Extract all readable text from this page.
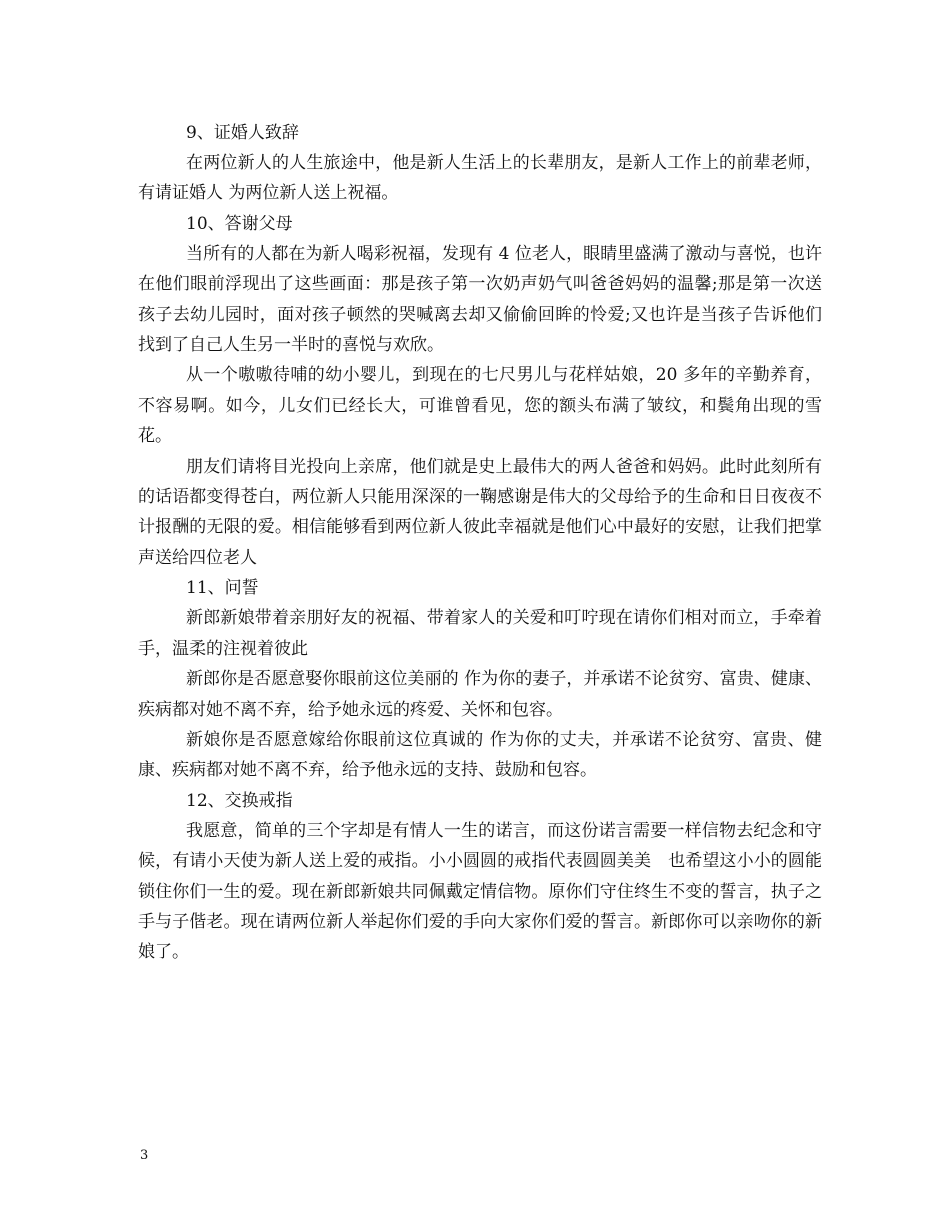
9、证婚人致辞

在两位新人的人生旅途中，他是新人生活上的长辈朋友，是新人工作上的前辈老师，有请证婚人 为两位新人送上祝福。

10、答谢父母

当所有的人都在为新人喝彩祝福，发现有 4 位老人，眼睛里盛满了激动与喜悦，也许在他们眼前浮现出了这些画面：那是孩子第一次奶声奶气叫爸爸妈妈的温馨;那是第一次送孩子去幼儿园时，面对孩子顿然的哭喊离去却又偷偷回眸的怜爱;又也许是当孩子告诉他们找到了自己人生另一半时的喜悦与欢欣。

从一个嗷嗷待哺的幼小婴儿，到现在的七尺男儿与花样姑娘，20 多年的辛勤养育，不容易啊。如今，儿女们已经长大，可谁曾看见，您的额头布满了皱纹，和鬓角出现的雪花。

朋友们请将目光投向上亲席，他们就是史上最伟大的两人爸爸和妈妈。此时此刻所有的话语都变得苍白，两位新人只能用深深的一鞠感谢是伟大的父母给予的生命和日日夜夜不计报酬的无限的爱。相信能够看到两位新人彼此幸福就是他们心中最好的安慰，让我们把掌声送给四位老人

11、问誓

新郎新娘带着亲朋好友的祝福、带着家人的关爱和叮咛现在请你们相对而立，手牵着手，温柔的注视着彼此

新郎你是否愿意娶你眼前这位美丽的 作为你的妻子，并承诺不论贫穷、富贵、健康、疾病都对她不离不弃，给予她永远的疼爱、关怀和包容。

新娘你是否愿意嫁给你眼前这位真诚的 作为你的丈夫，并承诺不论贫穷、富贵、健康、疾病都对她不离不弃，给予他永远的支持、鼓励和包容。

12、交换戒指

我愿意，简单的三个字却是有情人一生的诺言，而这份诺言需要一样信物去纪念和守候，有请小天使为新人送上爱的戒指。小小圆圆的戒指代表圆圆美美　也希望这小小的圆能锁住你们一生的爱。现在新郎新娘共同佩戴定情信物。原你们守住终生不变的誓言，执子之手与子偕老。现在请两位新人举起你们爱的手向大家你们爱的誓言。新郎你可以亲吻你的新娘了。

3
